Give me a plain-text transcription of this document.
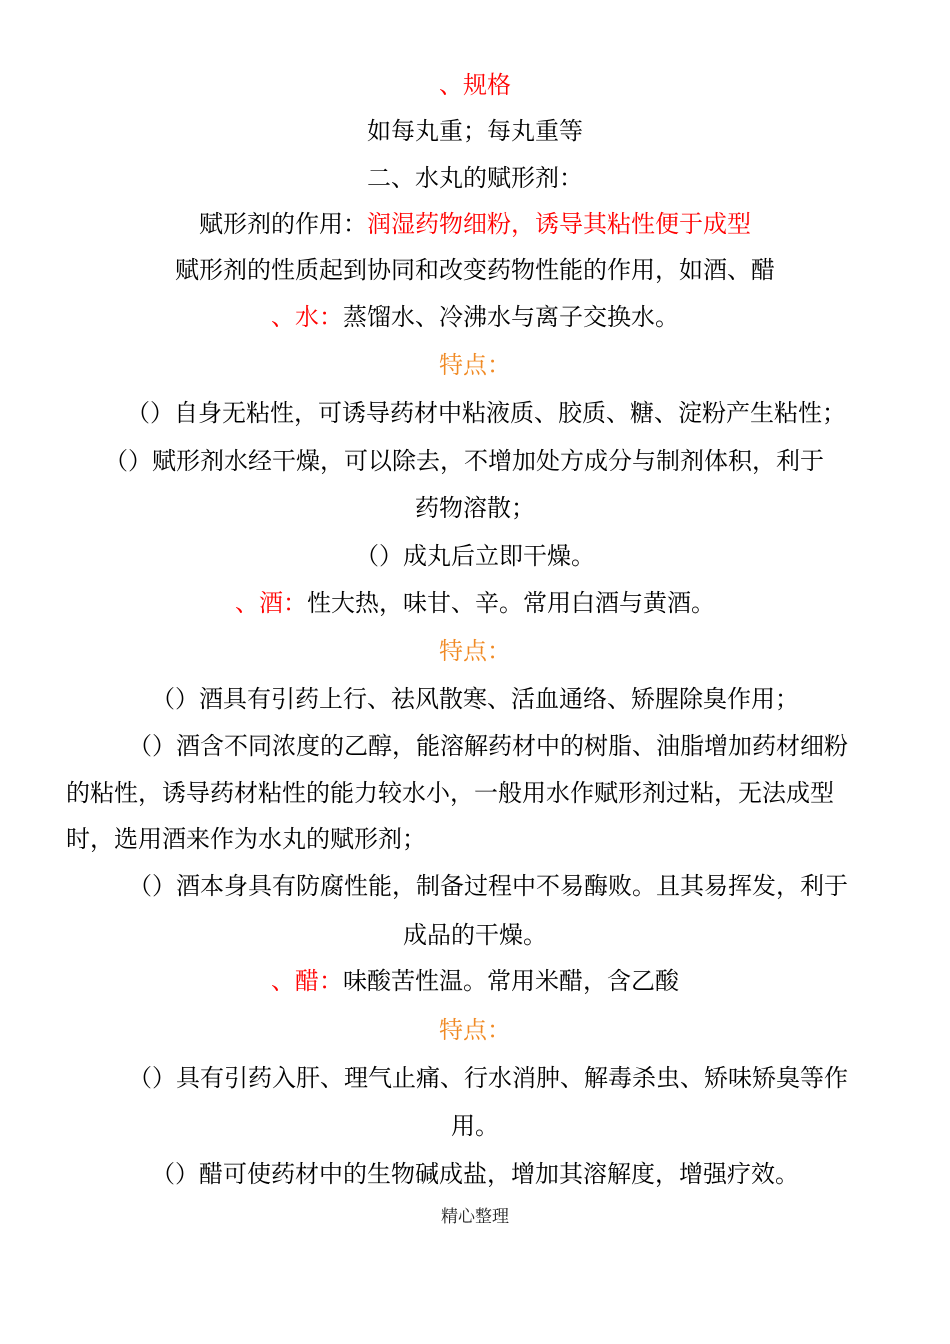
、规格
如每丸重；每丸重等
二、水丸的赋形剂：
赋形剂的作用：润湿药物细粉，诱导其粘性便于成型
赋形剂的性质起到协同和改变药物性能的作用，如酒、醋
、水：蒸馏水、冷沸水与离子交换水。
特点：
（）自身无粘性，可诱导药材中粘液质、胶质、糖、淀粉产生粘性；
（）赋形剂水经干燥，可以除去，不增加处方成分与制剂体积，利于
药物溶散；
（）成丸后立即干燥。
、酒：性大热，味甘、辛。常用白酒与黄酒。
特点：
（）酒具有引药上行、祛风散寒、活血通络、矫腥除臭作用；
（）酒含不同浓度的乙醇，能溶解药材中的树脂、油脂增加药材细粉
的粘性，诱导药材粘性的能力较水小，一般用水作赋形剂过粘，无法成型
时，选用酒来作为水丸的赋形剂；
（）酒本身具有防腐性能，制备过程中不易酶败。且其易挥发，利于
成品的干燥。
、醋：味酸苦性温。常用米醋，含乙酸
特点：
（）具有引药入肝、理气止痛、行水消肿、解毒杀虫、矫味矫臭等作
用。
（）醋可使药材中的生物碱成盐，增加其溶解度，增强疗效。
精心整理
